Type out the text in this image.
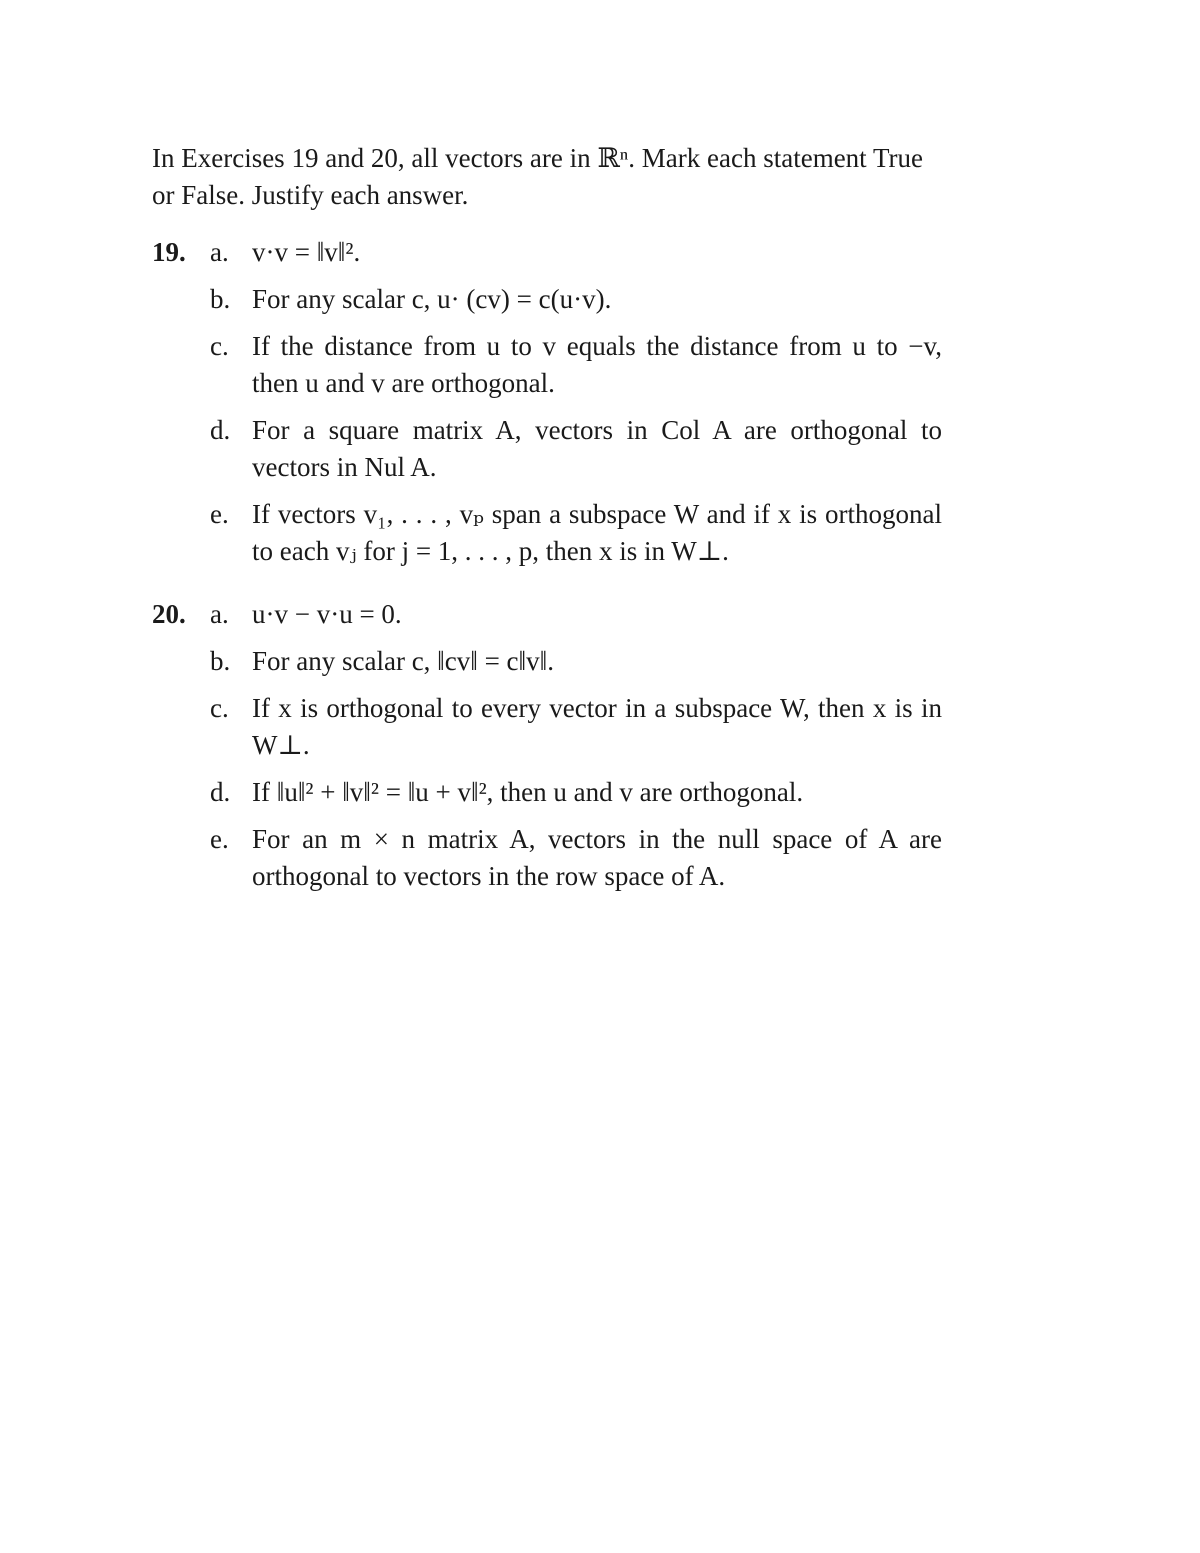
In Exercises 19 and 20, all vectors are in ℝⁿ. Mark each statement True or False. Justify each answer.

19. a. v·v = ‖v‖².
b. For any scalar c, u· (cv) = c(u·v).
c. If the distance from u to v equals the distance from u to −v, then u and v are orthogonal.
d. For a square matrix A, vectors in Col A are orthogonal to vectors in Nul A.
e. If vectors v₁, . . . , vₚ span a subspace W and if x is orthogonal to each vⱼ for j = 1, . . . , p, then x is in W⊥.
20. a. u·v − v·u = 0.
b. For any scalar c, ‖cv‖ = c‖v‖.
c. If x is orthogonal to every vector in a subspace W, then x is in W⊥.
d. If ‖u‖² + ‖v‖² = ‖u + v‖², then u and v are orthogonal.
e. For an m × n matrix A, vectors in the null space of A are orthogonal to vectors in the row space of A.
